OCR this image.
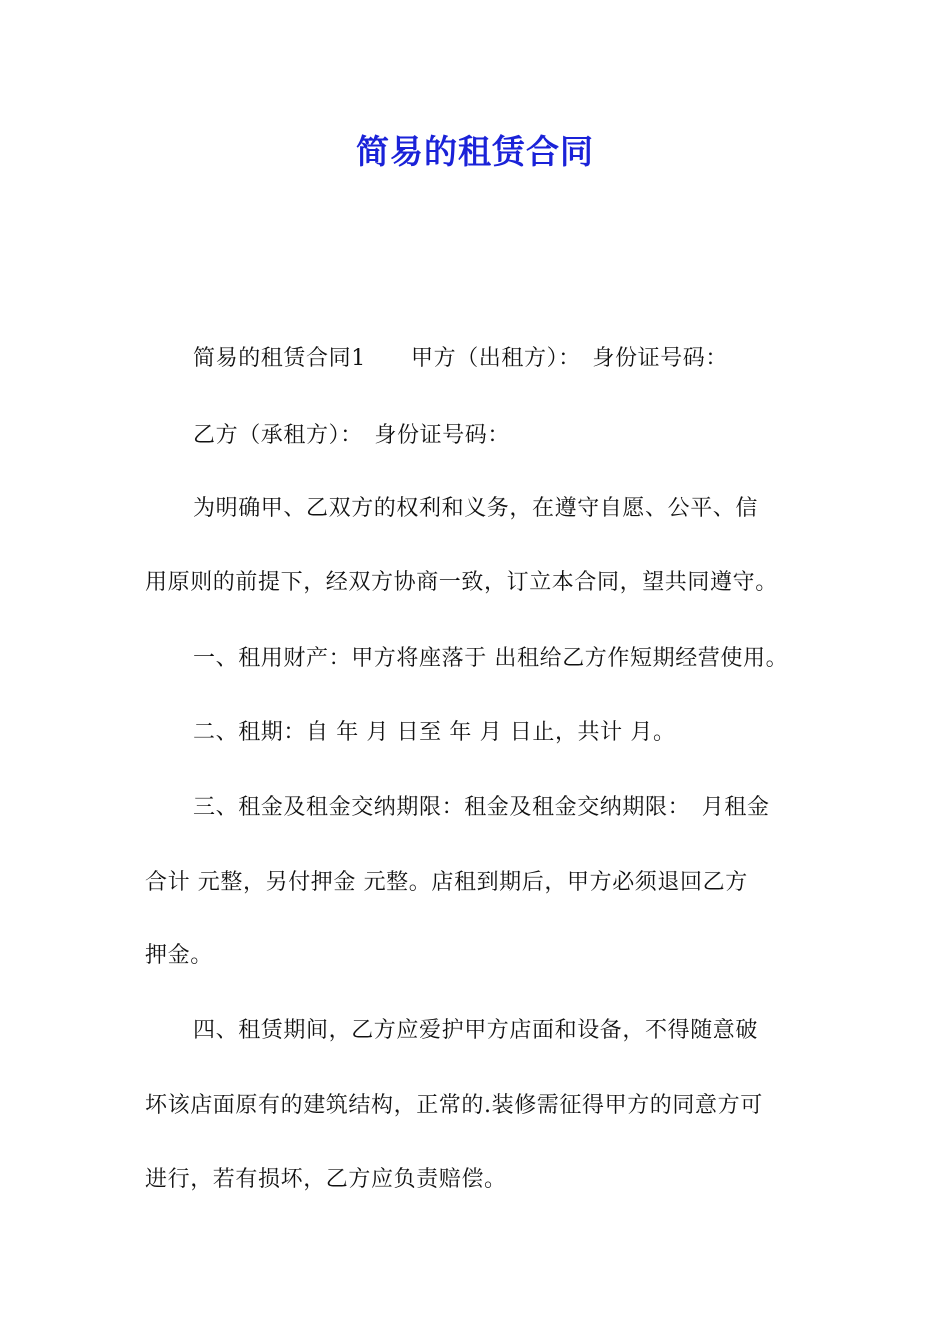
简易的租赁合同
简易的租赁合同1　　甲方（出租方）：　身份证号码：
乙方（承租方）：　身份证号码：
为明确甲、乙双方的权利和义务，在遵守自愿、公平、信
用原则的前提下，经双方协商一致，订立本合同，望共同遵守。
一、租用财产：甲方将座落于 出租给乙方作短期经营使用。
二、租期：自 年 月 日至 年 月 日止，共计 月。
三、租金及租金交纳期限：租金及租金交纳期限：　月租金
合计 元整，另付押金 元整。店租到期后，甲方必须退回乙方
押金。
四、租赁期间，乙方应爱护甲方店面和设备，不得随意破
坏该店面原有的建筑结构，正常的.装修需征得甲方的同意方可
进行，若有损坏，乙方应负责赔偿。
